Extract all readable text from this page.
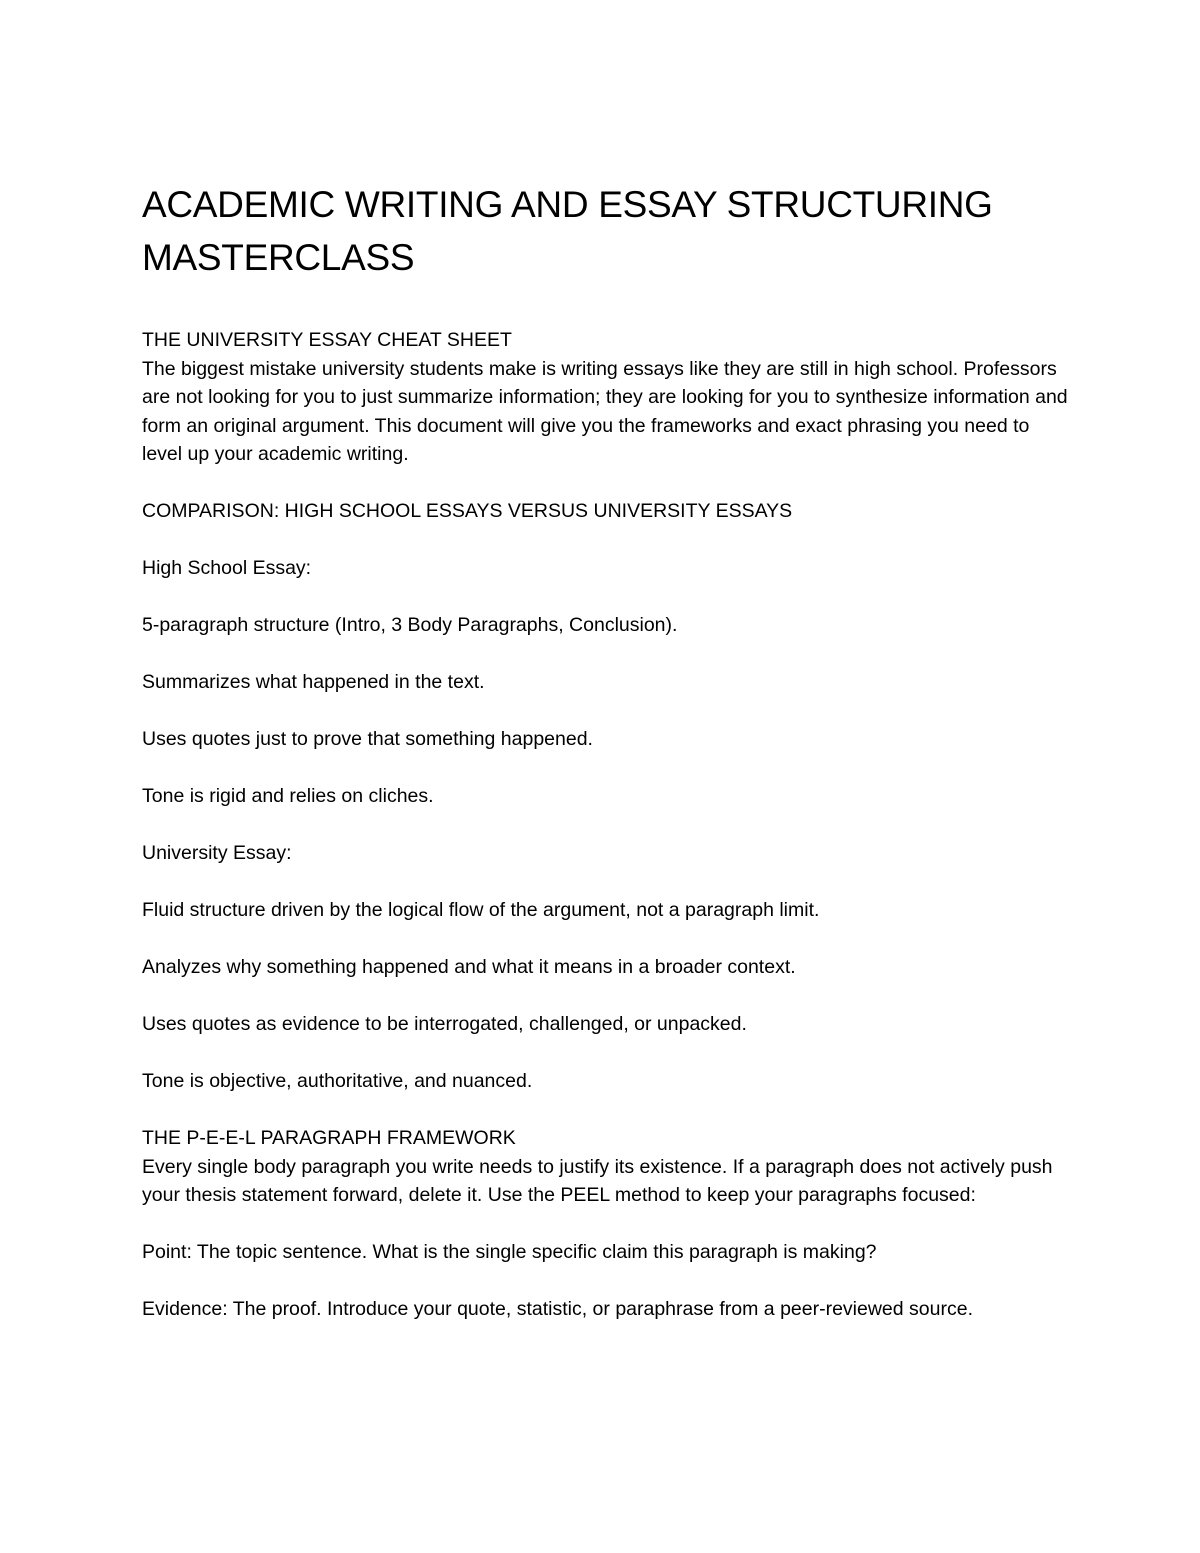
ACADEMIC WRITING AND ESSAY STRUCTURING MASTERCLASS

THE UNIVERSITY ESSAY CHEAT SHEET

The biggest mistake university students make is writing essays like they are still in high school. Professors are not looking for you to just summarize information; they are looking for you to synthesize information and form an original argument. This document will give you the frameworks and exact phrasing you need to level up your academic writing.

COMPARISON: HIGH SCHOOL ESSAYS VERSUS UNIVERSITY ESSAYS

High School Essay:

5-paragraph structure (Intro, 3 Body Paragraphs, Conclusion).

Summarizes what happened in the text.

Uses quotes just to prove that something happened.

Tone is rigid and relies on cliches.

University Essay:

Fluid structure driven by the logical flow of the argument, not a paragraph limit.

Analyzes why something happened and what it means in a broader context.

Uses quotes as evidence to be interrogated, challenged, or unpacked.

Tone is objective, authoritative, and nuanced.

THE P-E-E-L PARAGRAPH FRAMEWORK

Every single body paragraph you write needs to justify its existence. If a paragraph does not actively push your thesis statement forward, delete it. Use the PEEL method to keep your paragraphs focused:

Point: The topic sentence. What is the single specific claim this paragraph is making?

Evidence: The proof. Introduce your quote, statistic, or paraphrase from a peer-reviewed source.
